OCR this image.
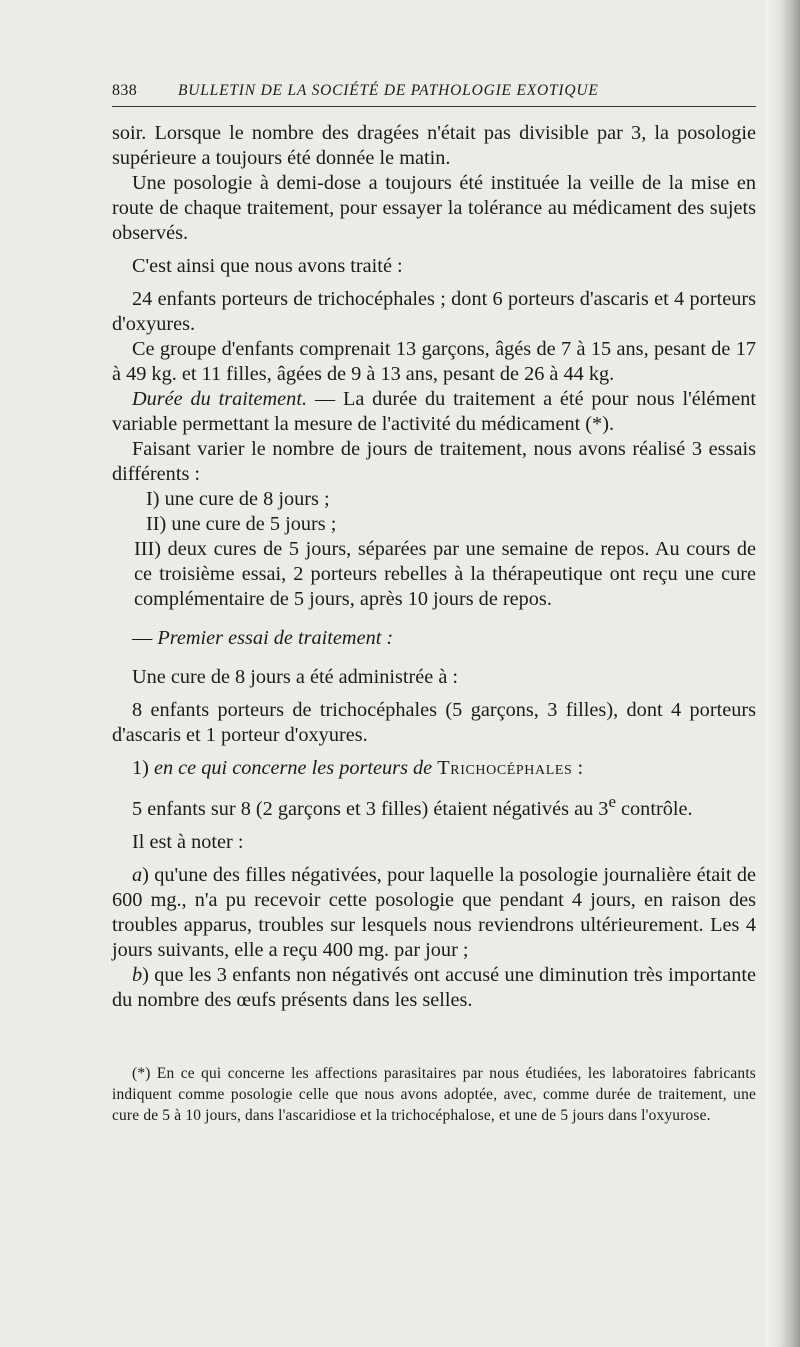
838	BULLETIN DE LA SOCIÉTÉ DE PATHOLOGIE EXOTIQUE

soir. Lorsque le nombre des dragées n'était pas divisible par 3, la posologie supérieure a toujours été donnée le matin.

Une posologie à demi-dose a toujours été instituée la veille de la mise en route de chaque traitement, pour essayer la tolérance au médicament des sujets observés.

C'est ainsi que nous avons traité :

24 enfants porteurs de trichocéphales ; dont 6 porteurs d'ascaris et 4 porteurs d'oxyures.

Ce groupe d'enfants comprenait 13 garçons, âgés de 7 à 15 ans, pesant de 17 à 49 kg. et 11 filles, âgées de 9 à 13 ans, pesant de 26 à 44 kg.

Durée du traitement. — La durée du traitement a été pour nous l'élément variable permettant la mesure de l'activité du médicament (*).

Faisant varier le nombre de jours de traitement, nous avons réalisé 3 essais différents :

I) une cure de 8 jours ;

II) une cure de 5 jours ;

III) deux cures de 5 jours, séparées par une semaine de repos. Au cours de ce troisième essai, 2 porteurs rebelles à la thérapeutique ont reçu une cure complémentaire de 5 jours, après 10 jours de repos.

— Premier essai de traitement :

Une cure de 8 jours a été administrée à :

8 enfants porteurs de trichocéphales (5 garçons, 3 filles), dont 4 porteurs d'ascaris et 1 porteur d'oxyures.

1) en ce qui concerne les porteurs de Trichocéphales :

5 enfants sur 8 (2 garçons et 3 filles) étaient négativés au 3e contrôle.

Il est à noter :

a) qu'une des filles négativées, pour laquelle la posologie journalière était de 600 mg., n'a pu recevoir cette posologie que pendant 4 jours, en raison des troubles apparus, troubles sur lesquels nous reviendrons ultérieurement. Les 4 jours suivants, elle a reçu 400 mg. par jour ;

b) que les 3 enfants non négativés ont accusé une diminution très importante du nombre des œufs présents dans les selles.

(*) En ce qui concerne les affections parasitaires par nous étudiées, les laboratoires fabricants indiquent comme posologie celle que nous avons adoptée, avec, comme durée de traitement, une cure de 5 à 10 jours, dans l'ascaridiose et la trichocéphalose, et une de 5 jours dans l'oxyurose.
